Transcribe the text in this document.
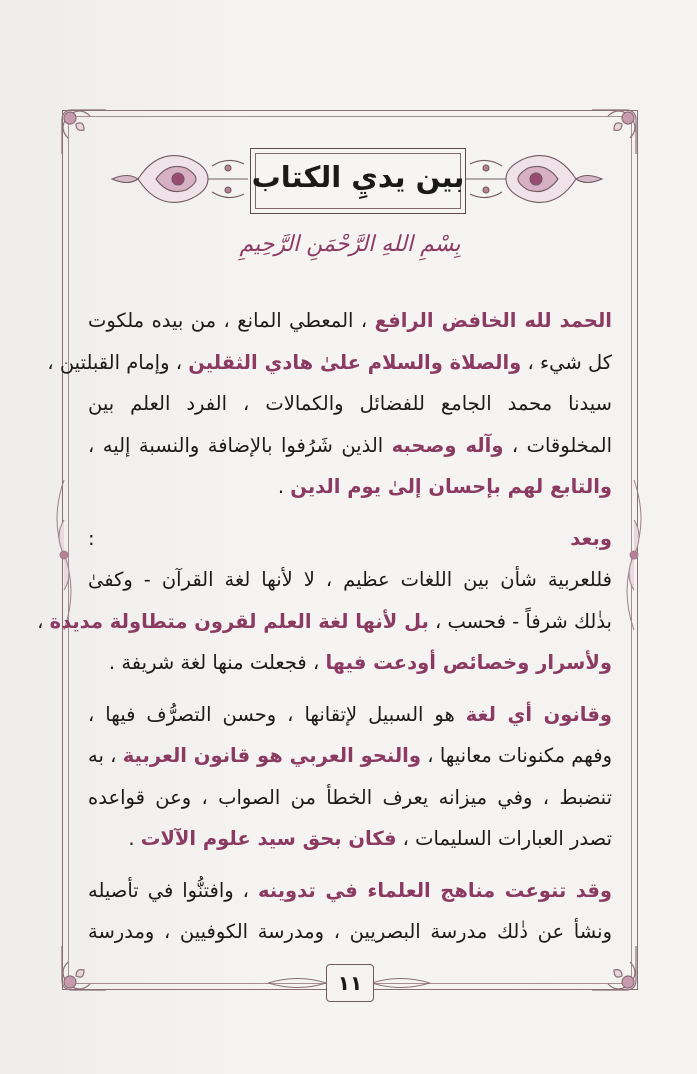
بين يديِ الكتاب
بِسْمِ اللهِ الرَّحْمَنِ الرَّحِيمِ
الحمد لله الخافض الرافع ، المعطي المانع ، من بيده ملكوت
كل شيء ، والصلاة والسلام علىٰ هادي الثقلين ، وإمام القبلتين ،
سيدنا محمد الجامع للفضائل والكمالات ، الفرد العلم بين
المخلوقات ، وآله وصحبه الذين شَرُفوا بالإضافة والنسبة إليه ،
والتابع لهم بإحسان إلىٰ يوم الدين .
وبعد :
فللعربية شأن بين اللغات عظيم ، لا لأنها لغة القرآن - وكفىٰ
بذٰلك شرفاً - فحسب ، بل لأنها لغة العلم لقرون متطاولة مديدة ،
ولأسرار وخصائص أودعت فيها ، فجعلت منها لغة شريفة .
وقانون أي لغة هو السبيل لإتقانها ، وحسن التصرُّف فيها ،
وفهم مكنونات معانيها ، والنحو العربي هو قانون العربية ، به
تنضبط ، وفي ميزانه يعرف الخطأ من الصواب ، وعن قواعده
تصدر العبارات السليمات ، فكان بحق سيد علوم الآلات .
وقد تنوعت مناهج العلماء في تدوينه ، وافتنُّوا في تأصيله
ونشأ عن ذٰلك مدرسة البصريين ، ومدرسة الكوفيين ، ومدرسة
١١
